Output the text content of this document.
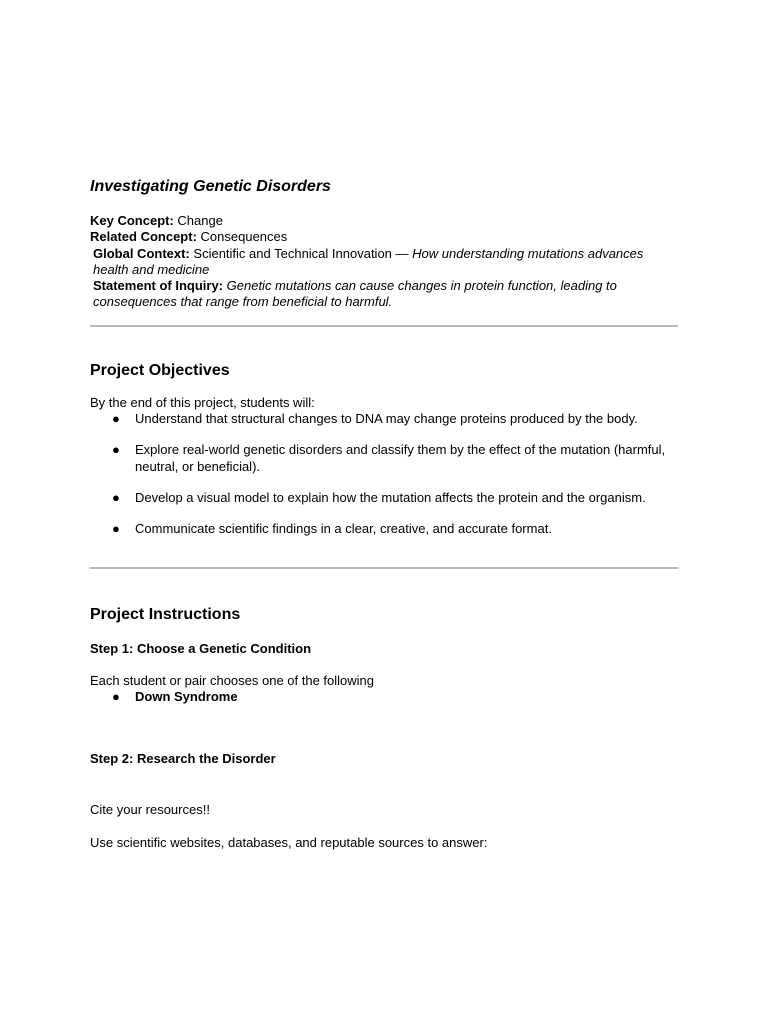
Investigating Genetic Disorders

Key Concept: Change

Related Concept: Consequences

Global Context: Scientific and Technical Innovation — How understanding mutations advances health and medicine

Statement of Inquiry: Genetic mutations can cause changes in protein function, leading to consequences that range from beneficial to harmful.

Project Objectives

By the end of this project, students will:

● Understand that structural changes to DNA may change proteins produced by the body.
● Explore real-world genetic disorders and classify them by the effect of the mutation (harmful, neutral, or beneficial).
● Develop a visual model to explain how the mutation affects the protein and the organism.
● Communicate scientific findings in a clear, creative, and accurate format.
Project Instructions

Step 1: Choose a Genetic Condition

Each student or pair chooses one of the following

● Down Syndrome

Step 2: Research the Disorder

Cite your resources!!

Use scientific websites, databases, and reputable sources to answer:
